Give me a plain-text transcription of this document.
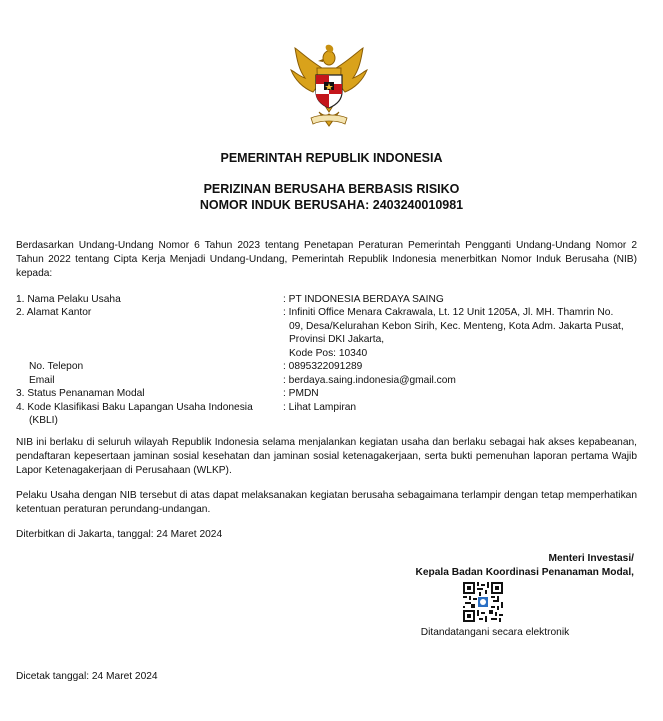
PEMERINTAH REPUBLIK INDONESIA
PERIZINAN BERUSAHA BERBASIS RISIKO
NOMOR INDUK BERUSAHA: 2403240010981
Berdasarkan Undang-Undang Nomor 6 Tahun 2023 tentang Penetapan Peraturan Pemerintah Pengganti Undang-Undang Nomor 2 Tahun 2022 tentang Cipta Kerja Menjadi Undang-Undang, Pemerintah Republik Indonesia menerbitkan Nomor Induk Berusaha (NIB) kepada:
1. Nama Pelaku Usaha	: PT INDONESIA BERDAYA SAING
2. Alamat Kantor	: Infiniti Office Menara Cakrawala, Lt. 12 Unit 1205A, Jl. MH. Thamrin No.
09, Desa/Kelurahan Kebon Sirih, Kec. Menteng, Kota Adm. Jakarta Pusat,
Provinsi DKI Jakarta,
Kode Pos: 10340
No. Telepon	: 0895322091289
Email	: berdaya.saing.indonesia@gmail.com
3. Status Penanaman Modal	: PMDN
4. Kode Klasifikasi Baku Lapangan Usaha Indonesia	: Lihat Lampiran
(KBLI)
NIB ini berlaku di seluruh wilayah Republik Indonesia selama menjalankan kegiatan usaha dan berlaku sebagai hak akses kepabeanan, pendaftaran kepesertaan jaminan sosial kesehatan dan jaminan sosial ketenagakerjaan, serta bukti pemenuhan laporan pertama Wajib Lapor Ketenagakerjaan di Perusahaan (WLKP).
Pelaku Usaha dengan NIB tersebut di atas dapat melaksanakan kegiatan berusaha sebagaimana terlampir dengan tetap memperhatikan ketentuan peraturan perundang-undangan.
Diterbitkan di Jakarta, tanggal: 24 Maret 2024
Menteri Investasi/
Kepala Badan Koordinasi Penanaman Modal,
Ditandatangani secara elektronik
Dicetak tanggal: 24 Maret 2024
